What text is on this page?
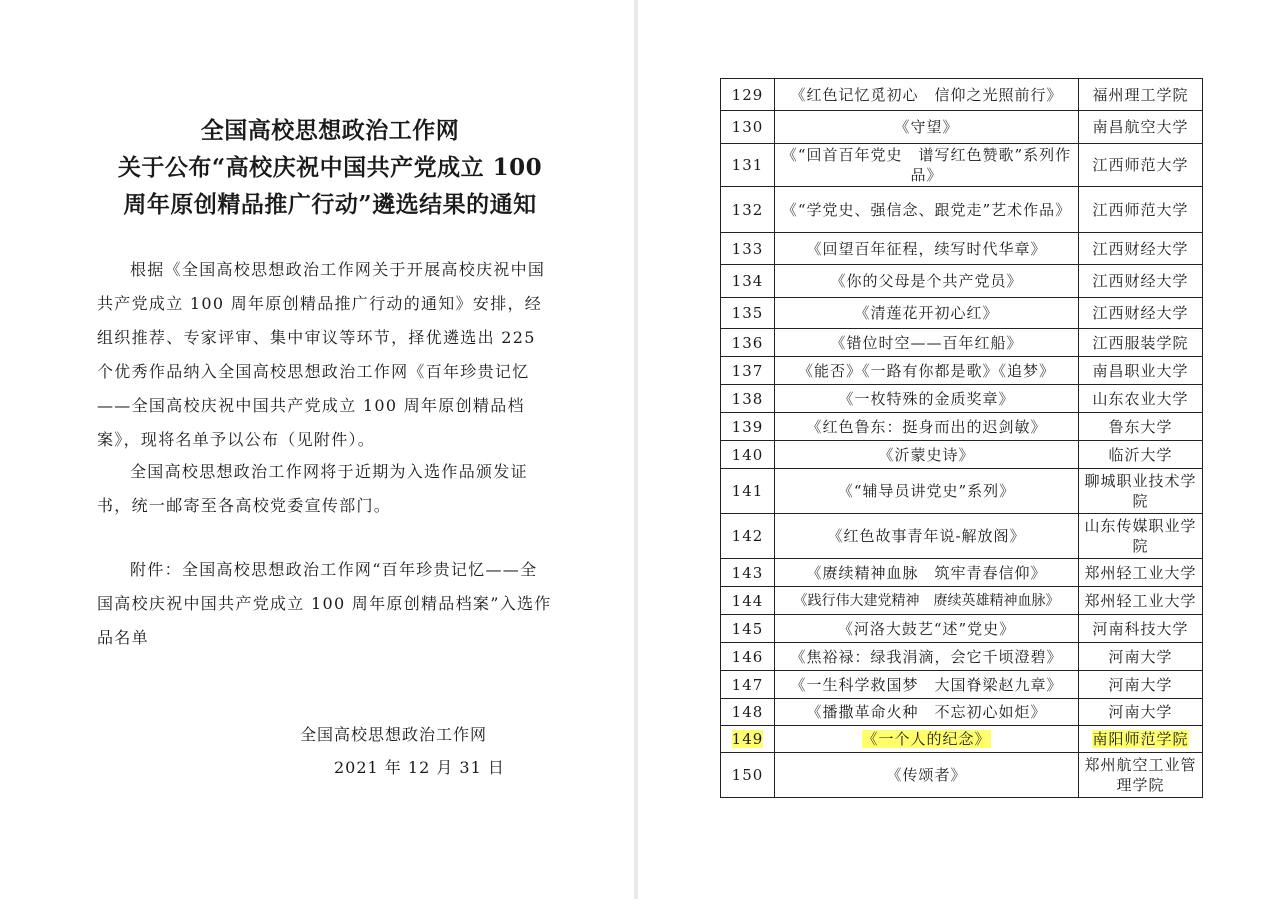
全国高校思想政治工作网
关于公布“高校庆祝中国共产党成立 100
周年原创精品推广行动”遴选结果的通知

根据《全国高校思想政治工作网关于开展高校庆祝中国共产党成立 100 周年原创精品推广行动的通知》安排，经组织推荐、专家评审、集中审议等环节，择优遴选出 225 个优秀作品纳入全国高校思想政治工作网《百年珍贵记忆——全国高校庆祝中国共产党成立 100 周年原创精品档案》，现将名单予以公布（见附件）。

全国高校思想政治工作网将于近期为入选作品颁发证书，统一邮寄至各高校党委宣传部门。

附件：全国高校思想政治工作网“百年珍贵记忆——全国高校庆祝中国共产党成立 100 周年原创精品档案”入选作品名单

全国高校思想政治工作网
2021 年 12 月 31 日
129	《红色记忆觅初心　信仰之光照前行》	福州理工学院
130	《守望》	南昌航空大学
131	《“回首百年党史　谱写红色赞歌”系列作品》	江西师范大学
132	《“学党史、强信念、跟党走”艺术作品》	江西师范大学
133	《回望百年征程，续写时代华章》	江西财经大学
134	《你的父母是个共产党员》	江西财经大学
135	《清莲花开初心红》	江西财经大学
136	《错位时空——百年红船》	江西服装学院
137	《能否》《一路有你都是歌》《追梦》	南昌职业大学
138	《一枚特殊的金质奖章》	山东农业大学
139	《红色鲁东：挺身而出的迟剑敏》	鲁东大学
140	《沂蒙史诗》	临沂大学
141	《“辅导员讲党史”系列》	聊城职业技术学院
142	《红色故事青年说-解放阁》	山东传媒职业学院
143	《赓续精神血脉　筑牢青春信仰》	郑州轻工业大学
144	《践行伟大建党精神　赓续英雄精神血脉》	郑州轻工业大学
145	《河洛大鼓艺“述”党史》	河南科技大学
146	《焦裕禄：绿我涓滴，会它千顷澄碧》	河南大学
147	《一生科学救国梦　大国脊梁赵九章》	河南大学
148	《播撒革命火种　不忘初心如炬》	河南大学
149	《一个人的纪念》	南阳师范学院
150	《传颂者》	郑州航空工业管理学院
